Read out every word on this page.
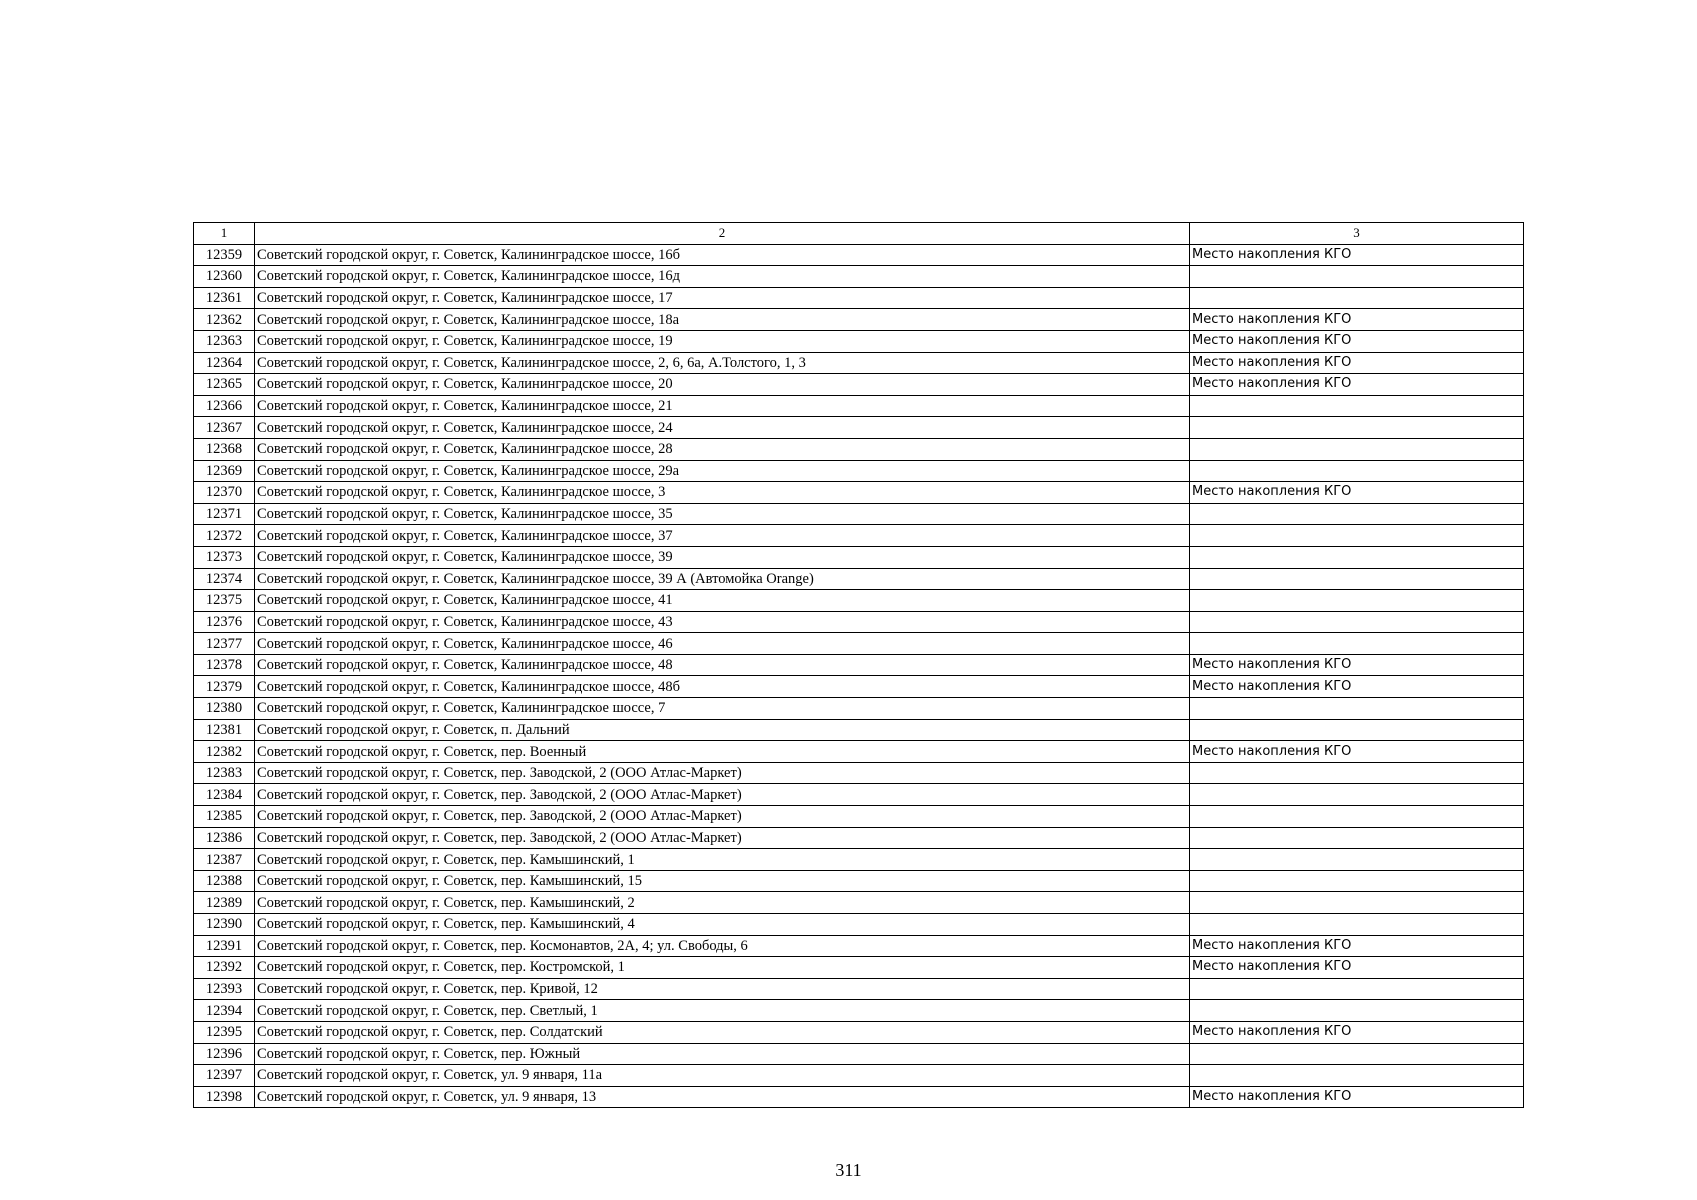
1	2	3
12359	Советский городской округ, г. Советск, Калининградское шоссе, 16б	Место накопления КГО
12360	Советский городской округ, г. Советск, Калининградское шоссе, 16д	
12361	Советский городской округ, г. Советск, Калининградское шоссе, 17	
12362	Советский городской округ, г. Советск, Калининградское шоссе, 18а	Место накопления КГО
12363	Советский городской округ, г. Советск, Калининградское шоссе, 19	Место накопления КГО
12364	Советский городской округ, г. Советск, Калининградское шоссе, 2, 6, 6а, А.Толстого, 1, 3	Место накопления КГО
12365	Советский городской округ, г. Советск, Калининградское шоссе, 20	Место накопления КГО
12366	Советский городской округ, г. Советск, Калининградское шоссе, 21	
12367	Советский городской округ, г. Советск, Калининградское шоссе, 24	
12368	Советский городской округ, г. Советск, Калининградское шоссе, 28	
12369	Советский городской округ, г. Советск, Калининградское шоссе, 29а	
12370	Советский городской округ, г. Советск, Калининградское шоссе, 3	Место накопления КГО
12371	Советский городской округ, г. Советск, Калининградское шоссе, 35	
12372	Советский городской округ, г. Советск, Калининградское шоссе, 37	
12373	Советский городской округ, г. Советск, Калининградское шоссе, 39	
12374	Советский городской округ, г. Советск, Калининградское шоссе, 39 А (Автомойка Orange)	
12375	Советский городской округ, г. Советск, Калининградское шоссе, 41	
12376	Советский городской округ, г. Советск, Калининградское шоссе, 43	
12377	Советский городской округ, г. Советск, Калининградское шоссе, 46	
12378	Советский городской округ, г. Советск, Калининградское шоссе, 48	Место накопления КГО
12379	Советский городской округ, г. Советск, Калининградское шоссе, 48б	Место накопления КГО
12380	Советский городской округ, г. Советск, Калининградское шоссе, 7	
12381	Советский городской округ, г. Советск, п. Дальний	
12382	Советский городской округ, г. Советск, пер. Военный	Место накопления КГО
12383	Советский городской округ, г. Советск, пер. Заводской, 2 (ООО Атлас-Маркет)	
12384	Советский городской округ, г. Советск, пер. Заводской, 2 (ООО Атлас-Маркет)	
12385	Советский городской округ, г. Советск, пер. Заводской, 2 (ООО Атлас-Маркет)	
12386	Советский городской округ, г. Советск, пер. Заводской, 2 (ООО Атлас-Маркет)	
12387	Советский городской округ, г. Советск, пер. Камышинский, 1	
12388	Советский городской округ, г. Советск, пер. Камышинский, 15	
12389	Советский городской округ, г. Советск, пер. Камышинский, 2	
12390	Советский городской округ, г. Советск, пер. Камышинский, 4	
12391	Советский городской округ, г. Советск, пер. Космонавтов, 2А, 4; ул. Свободы, 6	Место накопления КГО
12392	Советский городской округ, г. Советск, пер. Костромской, 1	Место накопления КГО
12393	Советский городской округ, г. Советск, пер. Кривой, 12	
12394	Советский городской округ, г. Советск, пер. Светлый, 1	
12395	Советский городской округ, г. Советск, пер. Солдатский	Место накопления КГО
12396	Советский городской округ, г. Советск, пер. Южный	
12397	Советский городской округ, г. Советск, ул. 9 января, 11а	
12398	Советский городской округ, г. Советск, ул. 9 января, 13	Место накопления КГО
311
